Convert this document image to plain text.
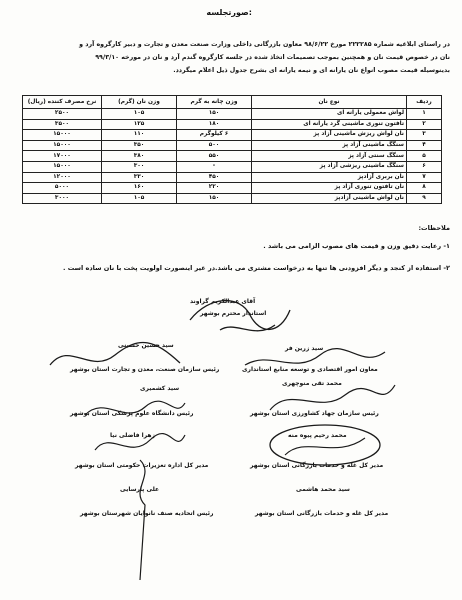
صورتجلسه:
در راستای ابلاغیه شماره ۲۲۲۲۸۵ مورخ ۹۸/۶/۲۲ معاون بازرگانی داخلی وزارت صنعت معدن و تجارت و دبیر کارگروه آرد و
نان در خصوص قیمت نان و همچنین بموجب تصمیمات اتخاذ شده در جلسه کارگروه گندم آرد و نان در مورخه ۹۹/۳/۱۰
بدینوسیله قیمت مصوب انواع نان یارانه ای و نیمه یارانه ای بشرح جدول ذیل اعلام میگردد.
ردیف	نوع نان	وزن چانه به گرم	وزن نان (گرم)	نرخ مصرف کننده (ریال)
۱	لواش معمولی یارانه ای	۱۵۰	۱۰۵	۲۵۰۰
۲	تافتون تنوری ماشینی گرد یارانه ای	۱۸۰	۱۲۵	۳۵۰۰
۳	نان لواش ریزش ماشینی آزاد پز	۶ کیلوگرم	۱۱۰	۱۵۰۰۰
۴	سنگگ ماشینی آزاد پز	۵۰۰	۳۵۰	۱۵۰۰۰
۵	سنگگ سنتی آزاد پز	۵۵۰	۳۸۰	۱۷۰۰۰
۶	سنگگ ماشینی ریزشی آزاد پز	-	۳۰۰	۱۵۰۰۰
۷	نان بربری آزادپز	۴۵۰	۳۳۰	۱۲۰۰۰
۸	نان تافتون تنوری آزاد پز	۲۲۰	۱۶۰	۵۰۰۰
۹	نان لواش ماشینی آزادپز	۱۵۰	۱۰۵	۳۰۰۰
ملاحظات:
۱- رعایت دقیق وزن و قیمت های مصوب الزامی می باشد .
۲- استفاده از کنجد و دیگر افزودنی ها تنها به درخواست مشتری می باشد.در غیر اینصورت اولویت پخت با نان ساده است .
آقای عبدالکریم گراوند
استاندار محترم بوشهر
سید زرین فر
معاون امور اقتصادی و توسعه منابع استانداری
سید حسین حسینی
رئیس سازمان صنعت، معدن و تجارت استان بوشهر
محمد تقی منوچهری
رئیس سازمان جهاد کشاورزی استان بوشهر
سید کشمیری
رئیس دانشگاه علوم پزشکی استان بوشهر
محمد رحیم پیوه منه
مدیر کل غله و خدمات بازرگانی استان بوشهر
زهرا فاضلی نیا
مدیر کل اداره تعزیرات حکومتی استان بوشهر
سید محمد هاشمی
مدیر کل غله و خدمات بازرگانی استان بوشهر
علی پارسایی
رئیس اتحادیه صنف نانوایان شهرستان بوشهر
